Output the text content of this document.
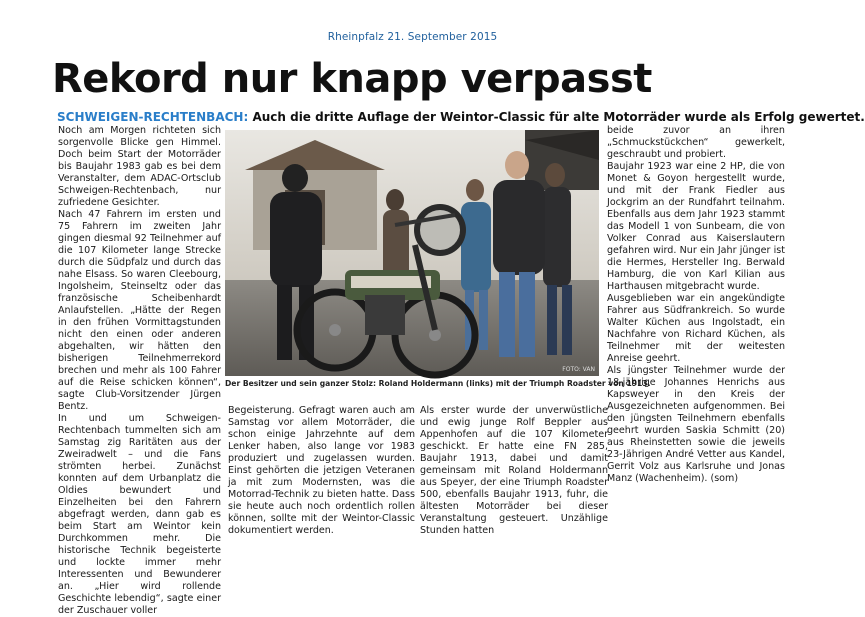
Rheinpfalz 21. September 2015
Rekord nur knapp verpasst
SCHWEIGEN-RECHTENBACH: Auch die dritte Auflage der Weintor-Classic für alte Motorräder wurde als Erfolg gewertet.

Noch am Morgen richteten sich sorgenvolle Blicke gen Himmel. Doch beim Start der Motorräder bis Baujahr 1983 gab es bei dem Veranstalter, dem ADAC-Ortsclub Schweigen-Rechtenbach, nur zufriedene Gesichter.

Nach 47 Fahrern im ersten und 75 Fahrern im zweiten Jahr gingen diesmal 92 Teilnehmer auf die 107 Kilometer lange Strecke durch die Südpfalz und durch das nahe Elsass. So waren Cleebourg, Ingolsheim, Steinseltz oder das französische Scheibenhardt Anlaufstellen. „Hätte der Regen in den frühen Vormittagstunden nicht den einen oder anderen abgehalten, wir hätten den bisherigen Teilnehmerrekord brechen und mehr als 100 Fahrer auf die Reise schicken können“, sagte Club-Vorsitzender Jürgen Bentz.

In und um Schweigen-Rechtenbach tummelten sich am Samstag zig Raritäten aus der Zweiradwelt – und die Fans strömten herbei. Zunächst konnten auf dem Urbanplatz die Oldies bewundert und Einzelheiten bei den Fahrern abgefragt werden, dann gab es beim Start am Weintor kein Durchkommen mehr. Die historische Technik begeisterte und lockte immer mehr Interessenten und Bewunderer an. „Hier wird rollende Geschichte lebendig“, sagte einer der Zuschauer voller

FOTO: VAN
Der Besitzer und sein ganzer Stolz: Roland Holdermann (links) mit der Triumph Roadster von 1913.

Begeisterung. Gefragt waren auch am Samstag vor allem Motorräder, die schon einige Jahrzehnte auf dem Lenker haben, also lange vor 1983 produziert und zugelassen wurden. Einst gehörten die jetzigen Veteranen ja mit zum Modernsten, was die Motorrad-Technik zu bieten hatte. Dass sie heute auch noch ordentlich rollen können, sollte mit der Weintor-Classic dokumentiert werden.

Als erster wurde der unverwüstliche und ewig junge Rolf Beppler aus Appenhofen auf die 107 Kilometer geschickt. Er hatte eine FN 285, Baujahr 1913, dabei und damit gemeinsam mit Roland Holdermann aus Speyer, der eine Triumph Roadster 500, ebenfalls Baujahr 1913, fuhr, die ältesten Motorräder bei dieser Veranstaltung gesteuert. Unzählige Stunden hatten

beide zuvor an ihren „Schmuckstückchen“ gewerkelt, geschraubt und probiert.

Baujahr 1923 war eine 2 HP, die von Monet & Goyon hergestellt wurde, und mit der Frank Fiedler aus Jockgrim an der Rundfahrt teilnahm. Ebenfalls aus dem Jahr 1923 stammt das Modell 1 von Sunbeam, die von Volker Conrad aus Kaiserslautern gefahren wird. Nur ein Jahr jünger ist die Hermes, Hersteller Ing. Berwald Hamburg, die von Karl Kilian aus Harthausen mitgebracht wurde.

Ausgeblieben war ein angekündigte Fahrer aus Südfrankreich. So wurde Walter Küchen aus Ingolstadt, ein Nachfahre von Richard Küchen, als Teilnehmer mit der weitesten Anreise geehrt.

Als jüngster Teilnehmer wurde der 18-jährige Johannes Henrichs aus Kapsweyer in den Kreis der Ausgezeichneten aufgenommen. Bei den jüngsten Teilnehmern ebenfalls geehrt wurden Saskia Schmitt (20) aus Rheinstetten sowie die jeweils 23-Jährigen André Vetter aus Kandel, Gerrit Volz aus Karlsruhe und Jonas Manz (Wachenheim). (som)
